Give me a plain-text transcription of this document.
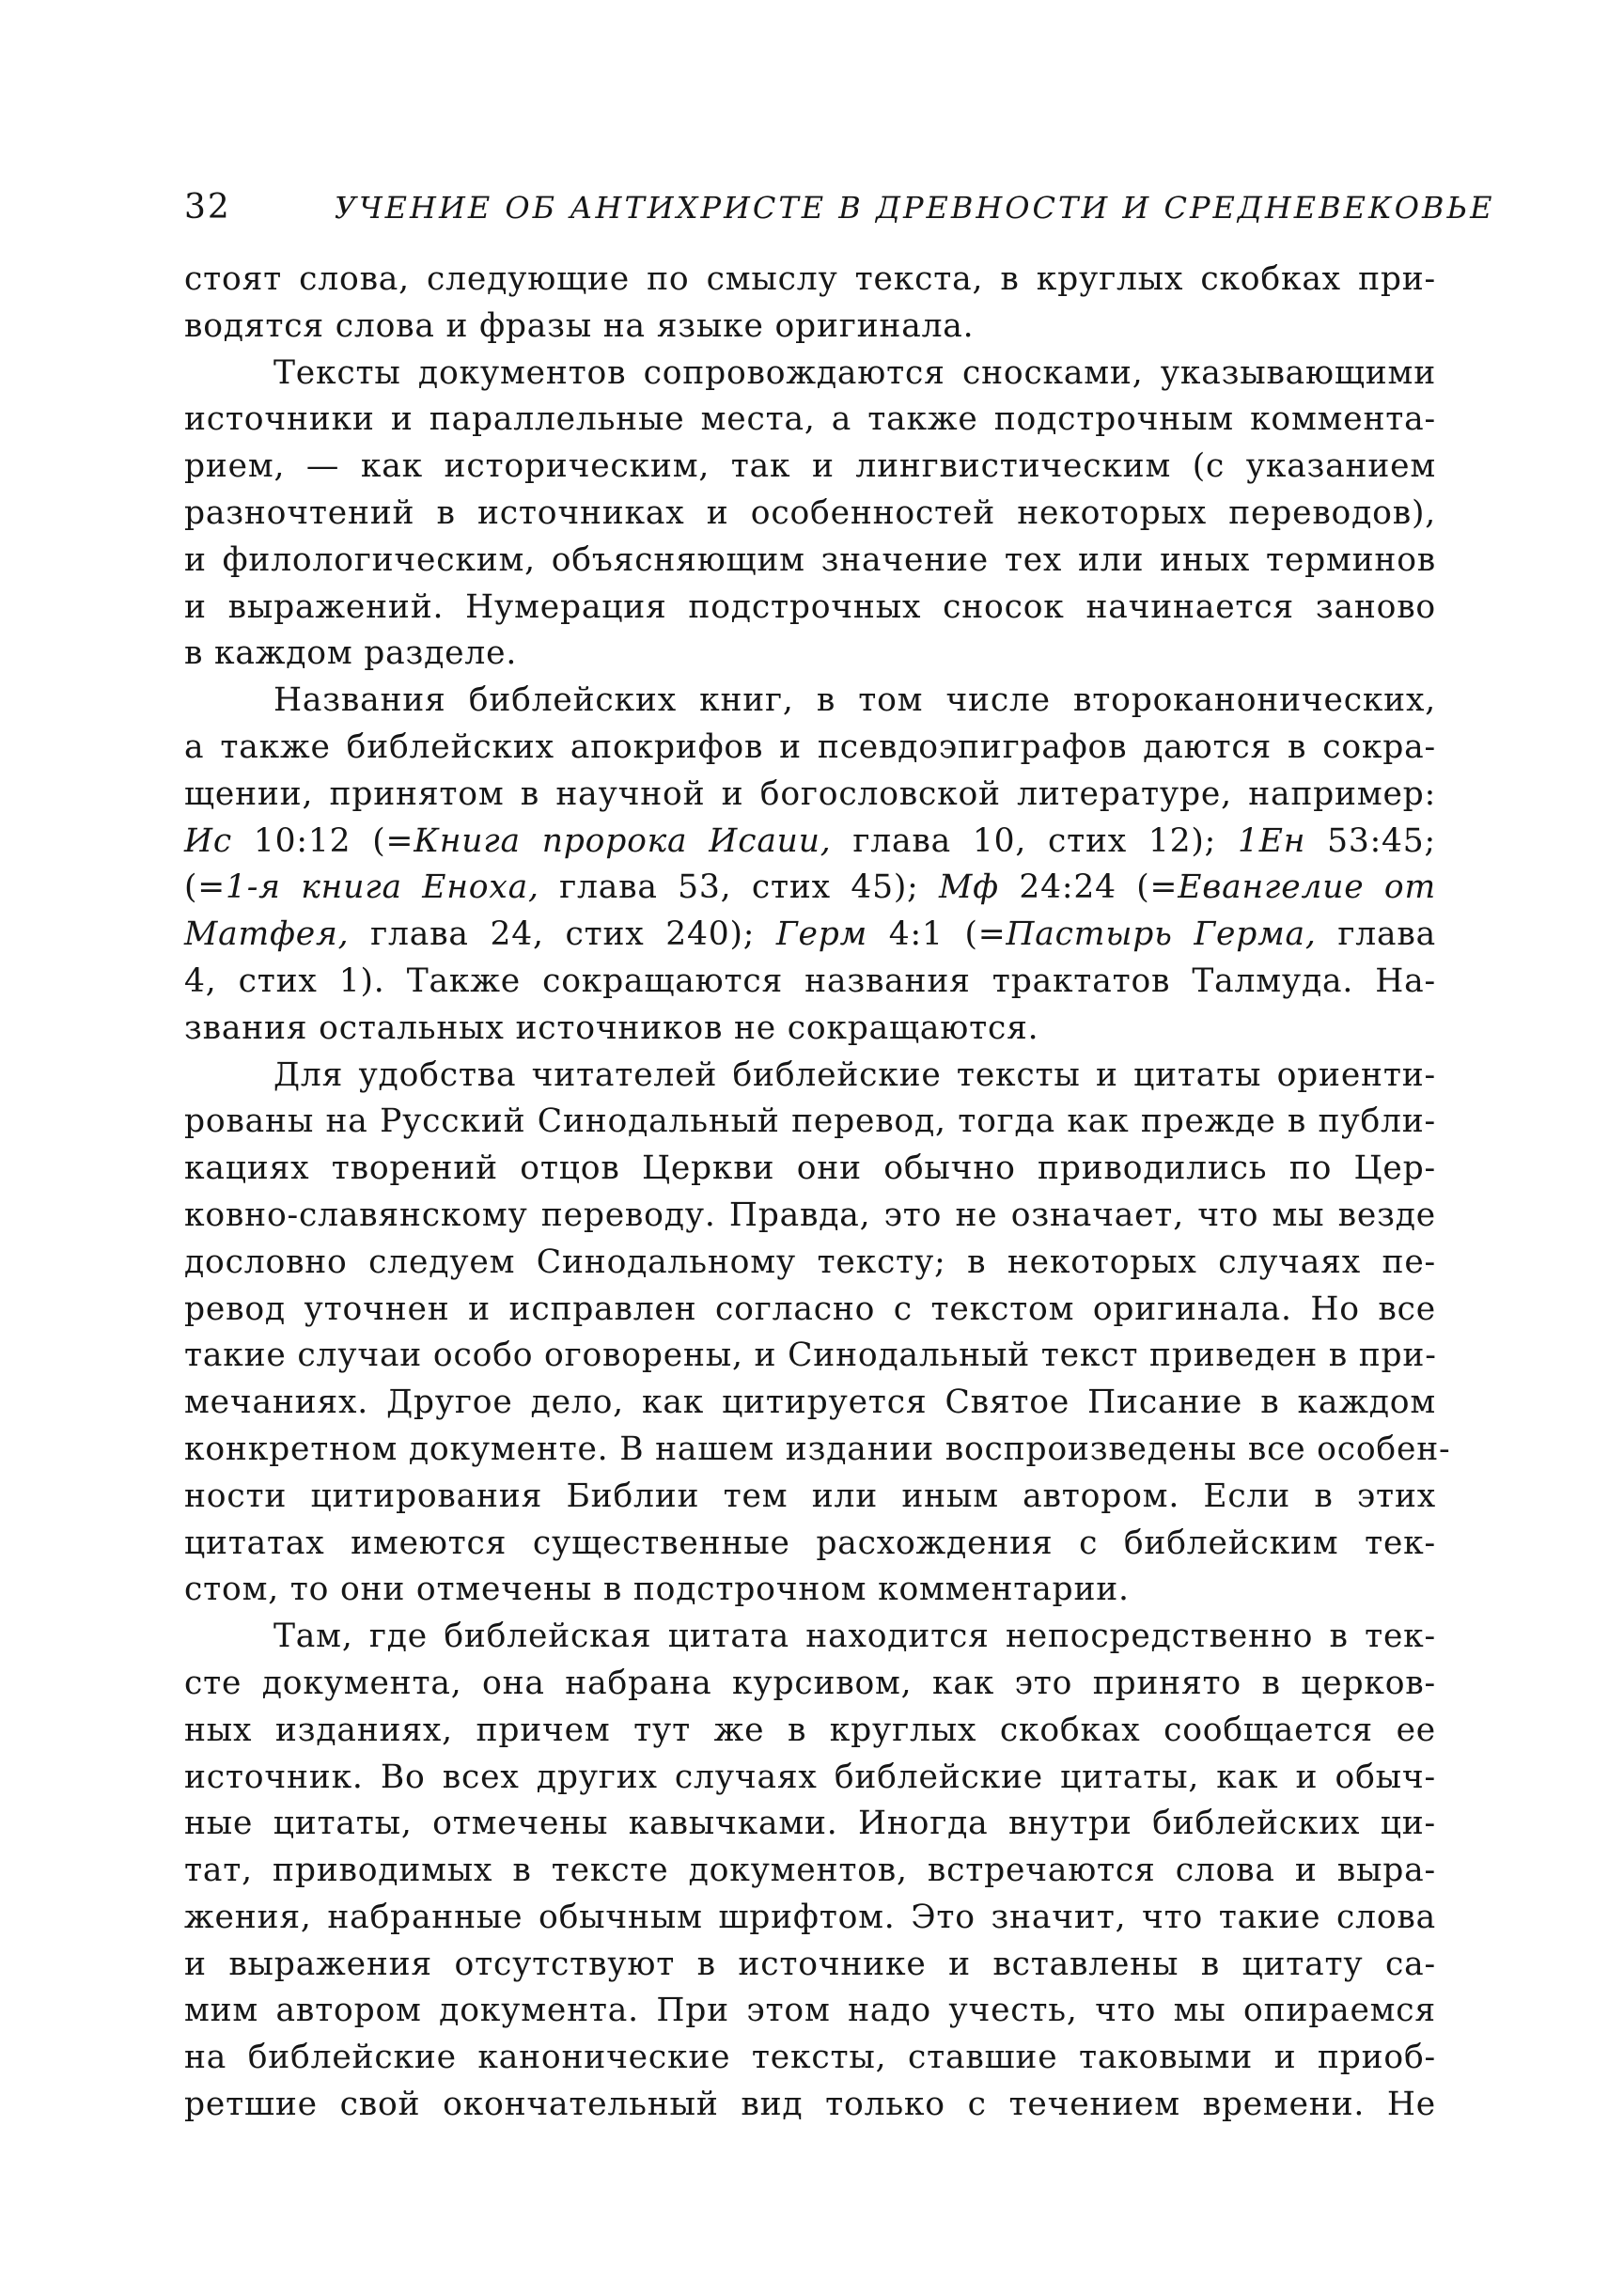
32	УЧЕНИЕ ОБ АНТИХРИСТЕ В ДРЕВНОСТИ И СРЕДНЕВЕКОВЬЕ
стоят слова, следующие по смыслу текста, в круглых скобках при-
водятся слова и фразы на языке оригинала.
Тексты документов сопровождаются сносками, указывающими
источники и параллельные места, а также подстрочным коммента-
рием, — как историческим, так и лингвистическим (с указанием
разночтений в источниках и особенностей некоторых переводов),
и филологическим, объясняющим значение тех или иных терминов
и выражений. Нумерация подстрочных сносок начинается заново
в каждом разделе.
Названия библейских книг, в том числе второканонических,
а также библейских апокрифов и псевдоэпиграфов даются в сокра-
щении, принятом в научной и богословской литературе, например:
Ис 10:12 (=Книга пророка Исаии, глава 10, стих 12); 1Ен 53:45;
(=1-я книга Еноха, глава 53, стих 45); Мф 24:24 (=Евангелие от
Матфея, глава 24, стих 240); Герм 4:1 (=Пастырь Герма, глава
4, стих 1). Также сокращаются названия трактатов Талмуда. На-
звания остальных источников не сокращаются.
Для удобства читателей библейские тексты и цитаты ориенти-
рованы на Русский Синодальный перевод, тогда как прежде в публи-
кациях творений отцов Церкви они обычно приводились по Цер-
ковно-славянскому переводу. Правда, это не означает, что мы везде
дословно следуем Синодальному тексту; в некоторых случаях пе-
ревод уточнен и исправлен согласно с текстом оригинала. Но все
такие случаи особо оговорены, и Синодальный текст приведен в при-
мечаниях. Другое дело, как цитируется Святое Писание в каждом
конкретном документе. В нашем издании воспроизведены все особен-
ности цитирования Библии тем или иным автором. Если в этих
цитатах имеются существенные расхождения с библейским тек-
стом, то они отмечены в подстрочном комментарии.
Там, где библейская цитата находится непосредственно в тек-
сте документа, она набрана курсивом, как это принято в церков-
ных изданиях, причем тут же в круглых скобках сообщается ее
источник. Во всех других случаях библейские цитаты, как и обыч-
ные цитаты, отмечены кавычками. Иногда внутри библейских ци-
тат, приводимых в тексте документов, встречаются слова и выра-
жения, набранные обычным шрифтом. Это значит, что такие слова
и выражения отсутствуют в источнике и вставлены в цитату са-
мим автором документа. При этом надо учесть, что мы опираемся
на библейские канонические тексты, ставшие таковыми и приоб-
ретшие свой окончательный вид только с течением времени. Не
